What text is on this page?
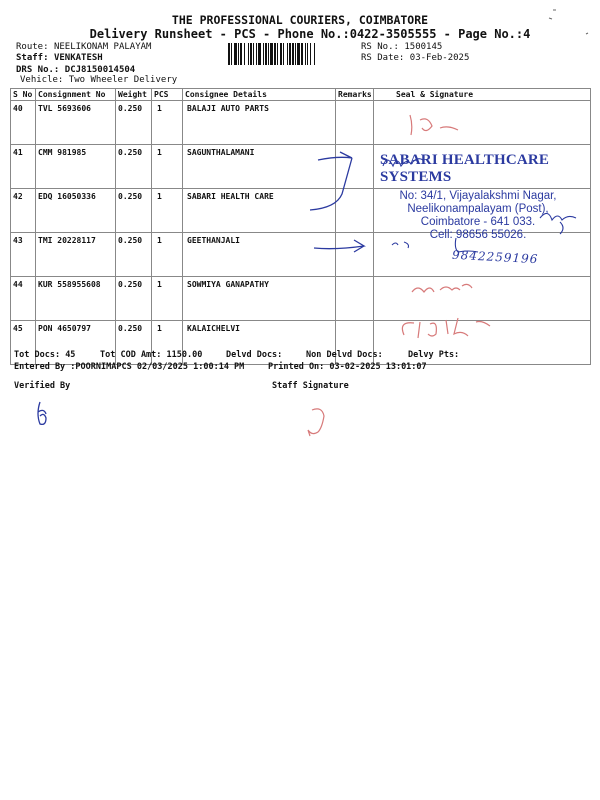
THE PROFESSIONAL COURIERS, COIMBATORE
Delivery Runsheet - PCS - Phone No.:0422-3505555 - Page No.:4
Route: NEELIKONAM PALAYAM
Staff: VENKATESH
DRS No.: DCJ8150014504
Vehicle: Two Wheeler Delivery
RS No.: 1500145
RS Date: 03-Feb-2025
S No	Consignment No	Weight	PCS	Consignee Details	Remarks	Seal & Signature
40	TVL 5693606	0.250	1	BALAJI AUTO PARTS		
41	CMM 981985	0.250	1	SAGUNTHALAMANI		
42	EDQ 16050336	0.250	1	SABARI HEALTH CARE		
43	TMI 20228117	0.250	1	GEETHANJALI		
44	KUR 558955608	0.250	1	SOWMIYA GANAPATHY		
45	PON 4650797	0.250	1	KALAICHELVI		
Tot Docs: 45	Tot COD Amt: 1150.00	Delvd Docs:	Non Delvd Docs:	Delvy Pts:
Entered By :POORNIMAPCS 02/03/2025 1:00:14 PM	Printed On: 03-02-2025 13:01:07
Verified By	Staff Signature
SABARI HEALTHCARE SYSTEMS
No: 34/1, Vijayalakshmi Nagar,
Neelikonampalayam (Post),
Coimbatore - 641 033.
Cell: 98656 55026.
9842259196
